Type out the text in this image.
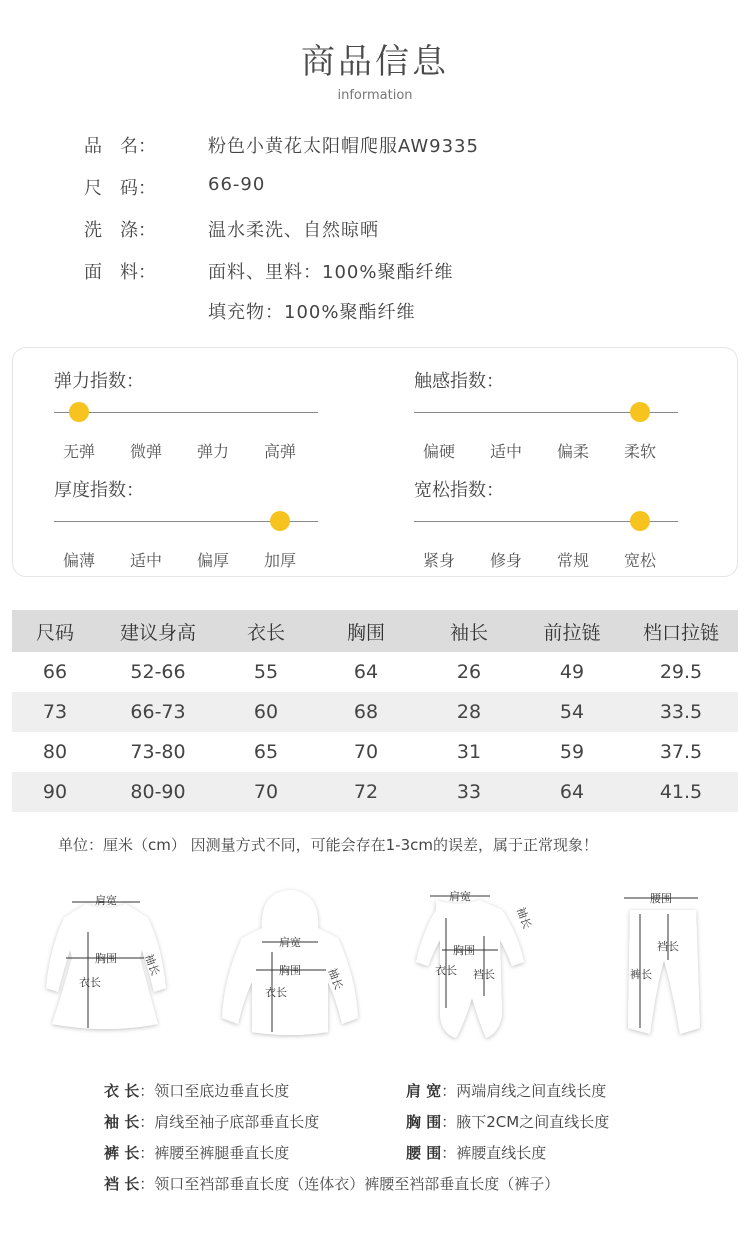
商品信息
information
品　名：	粉色小黄花太阳帽爬服AW9335
尺　码：	66-90
洗　涤：	温水柔洗、自然晾晒
面　料：	面料、里料：100%聚酯纤维
填充物：100%聚酯纤维
弹力指数：
无弹	微弹	弹力	高弹
触感指数：
偏硬	适中	偏柔	柔软
厚度指数：
偏薄	适中	偏厚	加厚
宽松指数：
紧身	修身	常规	宽松
尺码	建议身高	衣长	胸围	袖长	前拉链	档口拉链
66	52-66	55	64	26	49	29.5
73	66-73	60	68	28	54	33.5
80	73-80	65	70	31	59	37.5
90	80-90	70	72	33	64	41.5
单位：厘米（cm） 因测量方式不同，可能会存在1-3cm的误差，属于正常现象！
肩宽
胸围
衣长
袖长
肩宽
胸围
衣长
袖长
肩宽
胸围
衣长 裆长
袖长
腰围
裤长
裆长
衣 长：领口至底边垂直长度	肩 宽：两端肩线之间直线长度
袖 长：肩线至袖子底部垂直长度	胸 围：腋下2CM之间直线长度
裤 长：裤腰至裤腿垂直长度	腰 围：裤腰直线长度
裆 长：领口至裆部垂直长度（连体衣）裤腰至裆部垂直长度（裤子）
